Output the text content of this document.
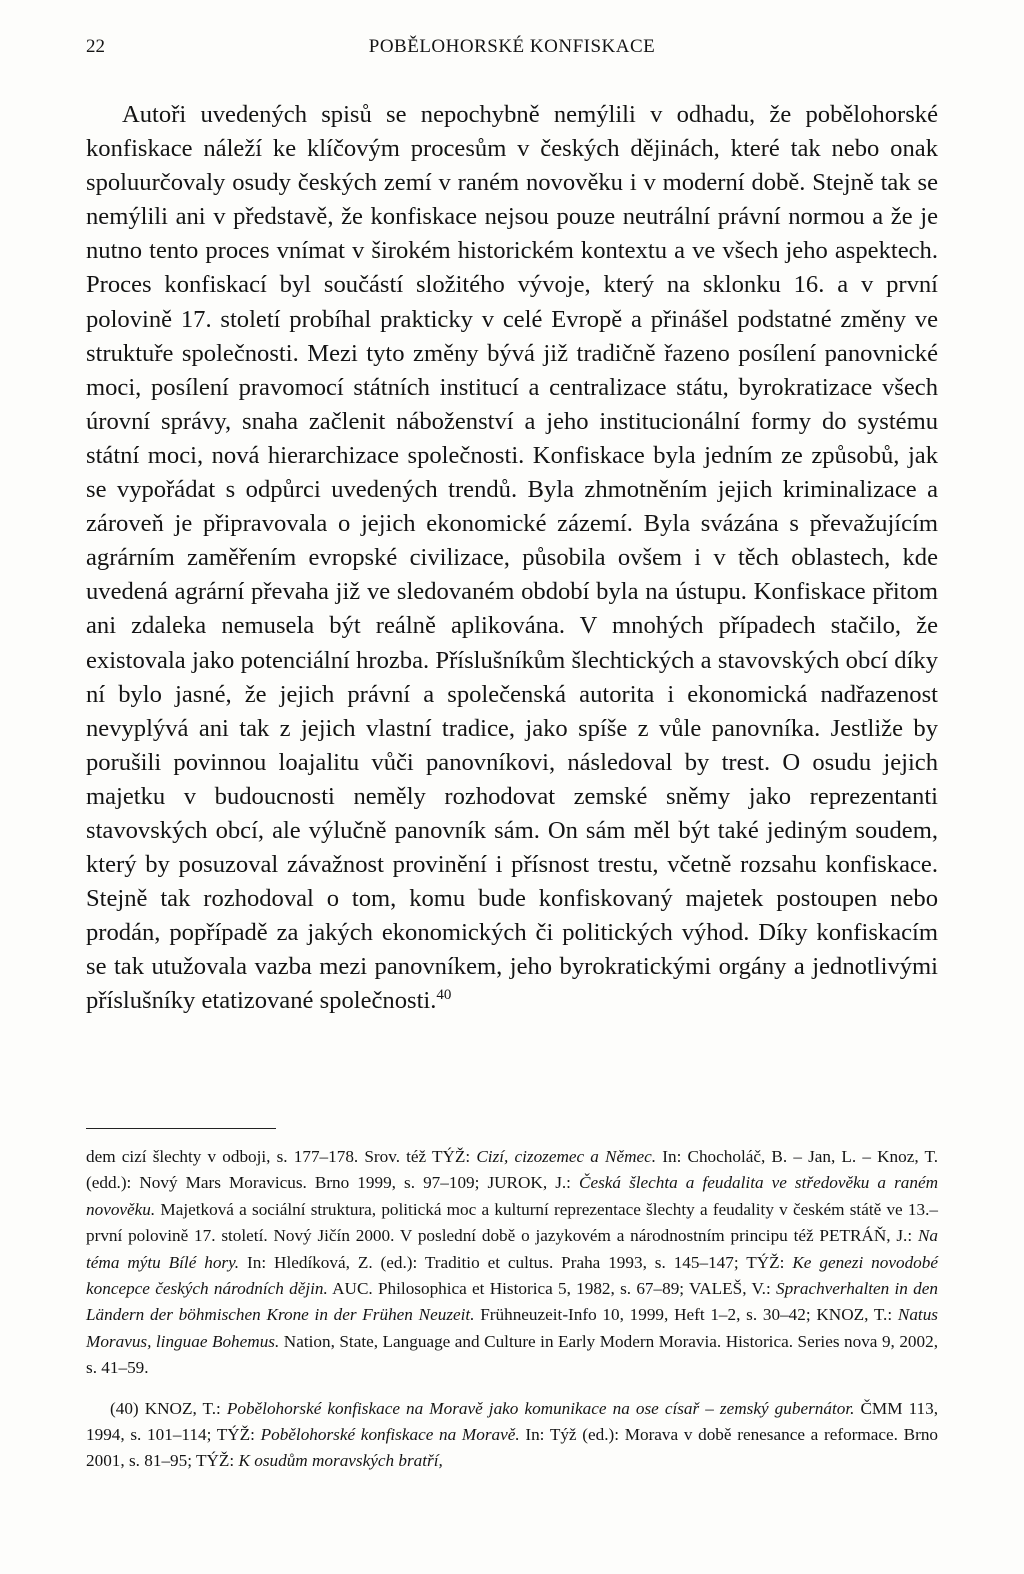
22	POBĚLOHORSKÉ KONFISKACE

Autoři uvedených spisů se nepochybně nemýlili v odhadu, že pobělohorské konfiskace náleží ke klíčovým procesům v českých dějinách, které tak nebo onak spoluurčovaly osudy českých zemí v raném novověku i v moderní době. Stejně tak se nemýlili ani v představě, že konfiskace nejsou pouze neutrální právní normou a že je nutno tento proces vnímat v širokém historickém kontextu a ve všech jeho aspektech. Proces konfiskací byl součástí složitého vývoje, který na sklonku 16. a v první polovině 17. století probíhal prakticky v celé Evropě a přinášel podstatné změny ve struktuře společnosti. Mezi tyto změny bývá již tradičně řazeno posílení panovnické moci, posílení pravomocí státních institucí a centralizace státu, byrokratizace všech úrovní správy, snaha začlenit náboženství a jeho institucionální formy do systému státní moci, nová hierarchizace společnosti. Konfiskace byla jedním ze způsobů, jak se vypořádat s odpůrci uvedených trendů. Byla zhmotněním jejich kriminalizace a zároveň je připravovala o jejich ekonomické zázemí. Byla svázána s převažujícím agrárním zaměřením evropské civilizace, působila ovšem i v těch oblastech, kde uvedená agrární převaha již ve sledovaném období byla na ústupu. Konfiskace přitom ani zdaleka nemusela být reálně aplikována. V mnohých případech stačilo, že existovala jako potenciální hrozba. Příslušníkům šlechtických a stavovských obcí díky ní bylo jasné, že jejich právní a společenská autorita i ekonomická nadřazenost nevyplývá ani tak z jejich vlastní tradice, jako spíše z vůle panovníka. Jestliže by porušili povinnou loajalitu vůči panovníkovi, následoval by trest. O osudu jejich majetku v budoucnosti neměly rozhodovat zemské sněmy jako reprezentanti stavovských obcí, ale výlučně panovník sám. On sám měl být také jediným soudem, který by posuzoval závažnost provinění i přísnost trestu, včetně rozsahu konfiskace. Stejně tak rozhodoval o tom, komu bude konfiskovaný majetek postoupen nebo prodán, popřípadě za jakých ekonomických či politických výhod. Díky konfiskacím se tak utužovala vazba mezi panovníkem, jeho byrokratickými orgány a jednotlivými příslušníky etatizované společnosti.$^{40}$

dem cizí šlechty v odboji, s. 177–178. Srov. též TÝŽ: Cizí, cizozemec a Němec. In: Chocholáč, B. – Jan, L. – Knoz, T. (edd.): Nový Mars Moravicus. Brno 1999, s. 97–109; JUROK, J.: Česká šlechta a feudalita ve středověku a raném novověku. Majetková a sociální struktura, politická moc a kulturní reprezentace šlechty a feudality v českém státě ve 13.– první polovině 17. století. Nový Jičín 2000. V poslední době o jazykovém a národnostním principu též PETRÁŇ, J.: Na téma mýtu Bílé hory. In: Hledíková, Z. (ed.): Traditio et cultus. Praha 1993, s. 145–147; TÝŽ: Ke genezi novodobé koncepce českých národních dějin. AUC. Philosophica et Historica 5, 1982, s. 67–89; VALEŠ, V.: Sprachverhalten in den Ländern der böhmischen Krone in der Frühen Neuzeit. Frühneuzeit-Info 10, 1999, Heft 1–2, s. 30–42; KNOZ, T.: Natus Moravus, linguae Bohemus. Nation, State, Language and Culture in Early Modern Moravia. Historica. Series nova 9, 2002, s. 41–59.

(40) KNOZ, T.: Pobělohorské konfiskace na Moravě jako komunikace na ose císař – zemský gubernátor. ČMM 113, 1994, s. 101–114; TÝŽ: Pobělohorské konfiskace na Moravě. In: Týž (ed.): Morava v době renesance a reformace. Brno 2001, s. 81–95; TÝŽ: K osudům moravských bratří,
